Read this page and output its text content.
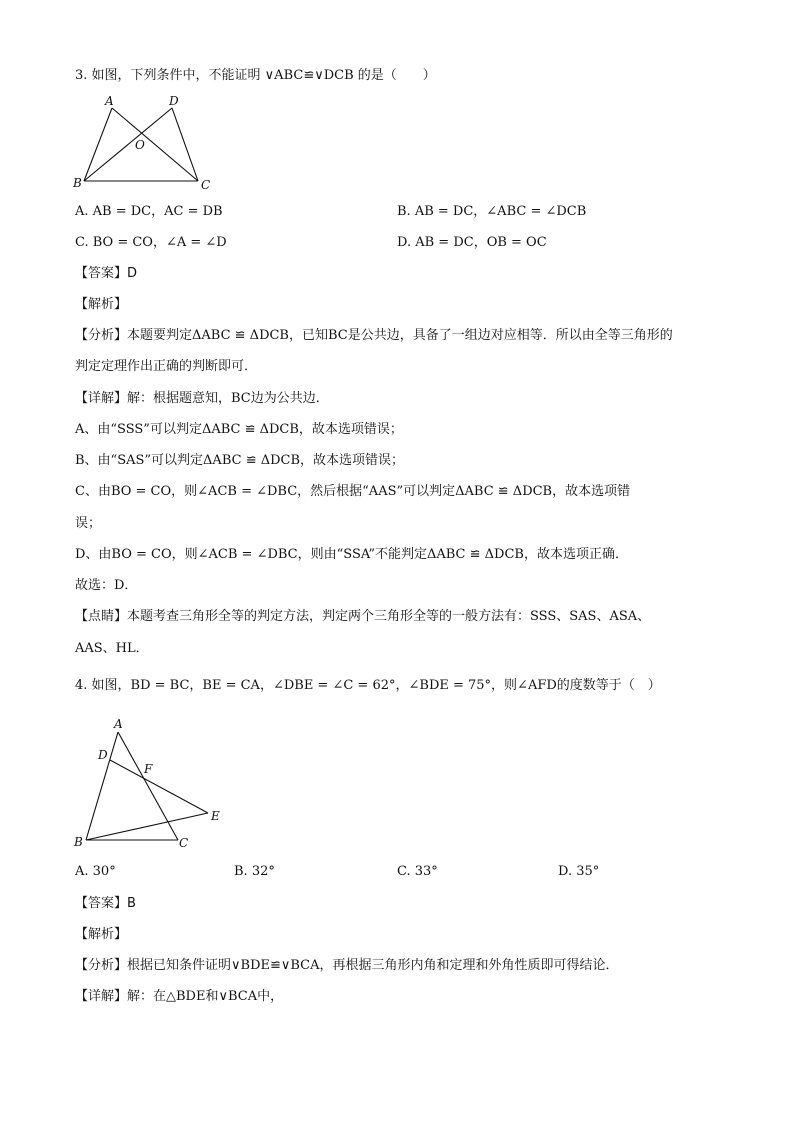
3. 如图，下列条件中，不能证明 ∨ABC≌∨DCB 的是（　　）
A	D
O
B	C
A. AB = DC，AC = DB	B. AB = DC，∠ABC = ∠DCB
C. BO = CO，∠A = ∠D	D. AB = DC，OB = OC
【答案】D
【解析】
【分析】本题要判定ΔABC ≌ ΔDCB，已知BC是公共边，具备了一组边对应相等．所以由全等三角形的
判定定理作出正确的判断即可．
【详解】解：根据题意知，BC边为公共边．
A、由“SSS”可以判定ΔABC ≌ ΔDCB，故本选项错误；
B、由“SAS”可以判定ΔABC ≌ ΔDCB，故本选项错误；
C、由BO = CO，则∠ACB = ∠DBC，然后根据“AAS”可以判定ΔABC ≌ ΔDCB，故本选项错
误；
D、由BO = CO，则∠ACB = ∠DBC，则由“SSA”不能判定ΔABC ≌ ΔDCB，故本选项正确．
故选：D．
【点睛】本题考查三角形全等的判定方法，判定两个三角形全等的一般方法有：SSS、SAS、ASA、
AAS、HL．
4. 如图，BD = BC，BE = CA，∠DBE = ∠C = 62°，∠BDE = 75°，则∠AFD的度数等于（　）
A
D
F
E
B	C
A. 30°	B. 32°	C. 33°	D. 35°
【答案】B
【解析】
【分析】根据已知条件证明∨BDE≌∨BCA，再根据三角形内角和定理和外角性质即可得结论．
【详解】解：在△BDE和∨BCA中，
